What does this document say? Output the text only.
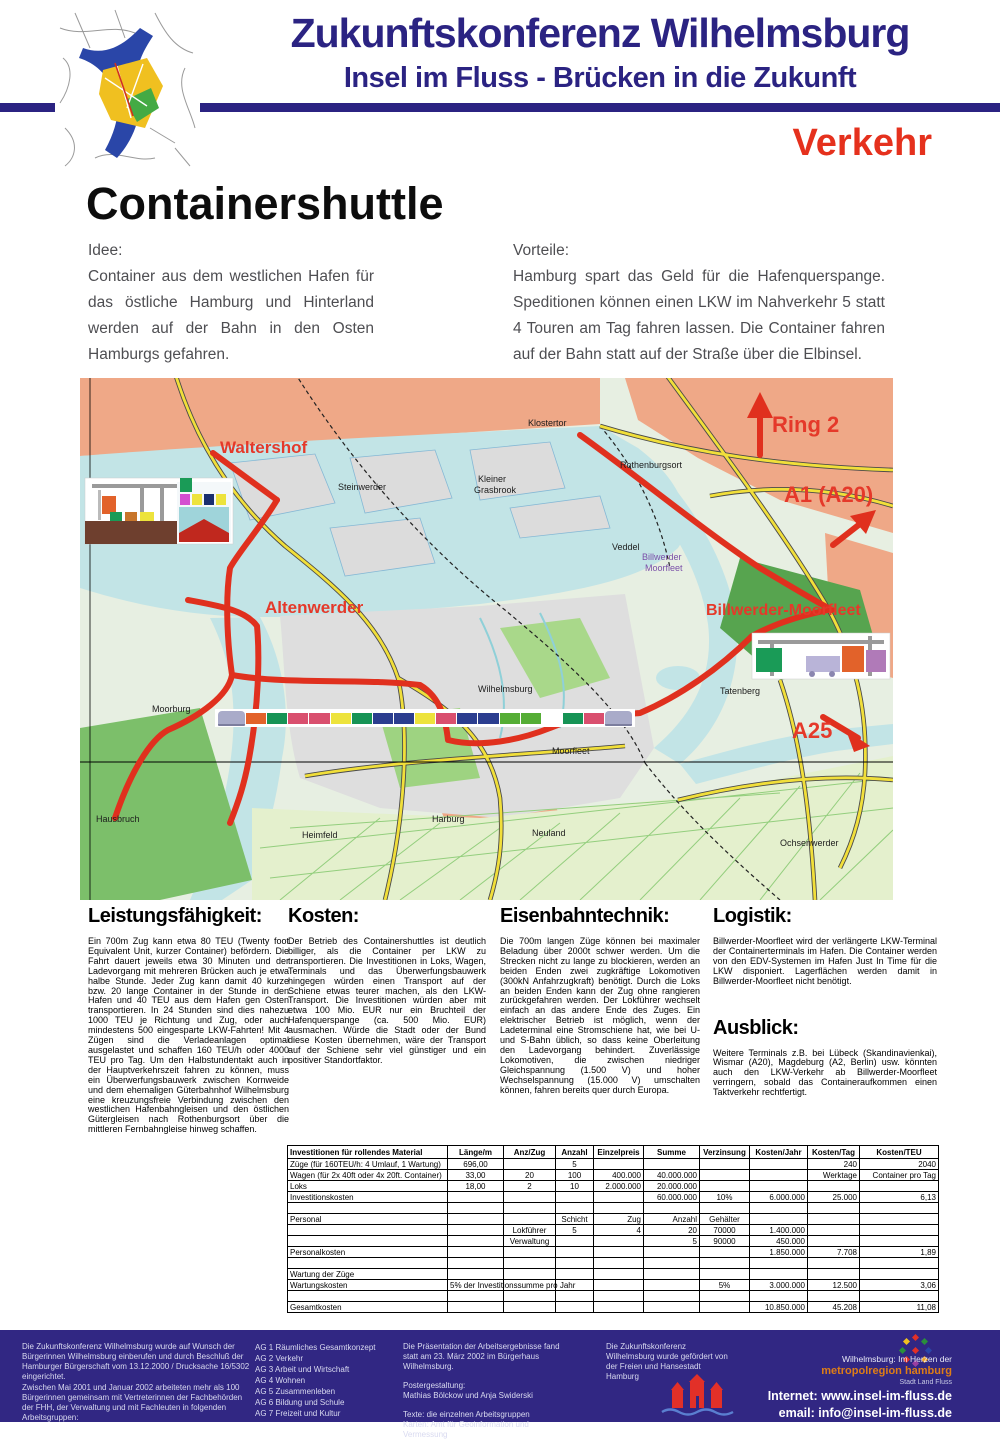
Zukunftskonferenz Wilhelmsburg
Insel im Fluss - Brücken in die Zukunft
Verkehr
Containershuttle
Idee:
Container aus dem westlichen Hafen für das östliche Hamburg und Hinterland werden auf der Bahn in den Osten Hamburgs gefahren.
Vorteile:
Hamburg spart das Geld für die Hafenquerspange. Speditionen können einen LKW im Nahverkehr 5 statt 4 Touren am Tag fahren lassen. Die Container fahren auf der Bahn statt auf der Straße über die Elbinsel.
Waltershof
Altenwerder
Ring 2
A1 (A20)
Billwerder-Moorfleet
A25
Klostertor
Steinwerder
Kleiner
Grasbrook
Rothenburgsort
Veddel
Billwerder
Moorfleet
Wilhelmsburg
Moorburg
Moorfleet
Tatenberg
Hausbruch
Heimfeld
Harburg
Neuland
Ochsenwerder
Leistungsfähigkeit:

Ein 700m Zug kann etwa 80 TEU (Twenty foot Equivalent Unit, kurzer Container) befördern. Die Fahrt dauert jeweils etwa 30 Minuten und der Ladevorgang mit mehreren Brücken auch je etwa halbe Stunde. Jeder Zug kann damit 40 kurze bzw. 20 lange Container in der Stunde in den Hafen und 40 TEU aus dem Hafen gen Osten transportieren. In 24 Stunden sind dies nahezu 1000 TEU je Richtung und Zug, oder auch mindestens 500 eingesparte LKW-Fahrten! Mit 4 Zügen sind die Verladeanlagen optimal ausgelastet und schaffen 160 TEU/h oder 4000 TEU pro Tag. Um den Halbstundentakt auch in der Hauptverkehrszeit fahren zu können, muss ein Überwerfungsbauwerk zwischen Kornweide und dem ehemaligen Güterbahnhof Wilhelmsburg eine kreuzungsfreie Verbindung zwischen den westlichen Hafenbahngleisen und den östlichen Gütergleisen nach Rothenburgsort über die mittleren Fernbahngleise hinweg schaffen.

Kosten:

Der Betrieb des Containershuttles ist deutlich billiger, als die Container per LKW zu transportieren. Die Investitionen in Loks, Wagen, Terminals und das Überwerfungsbauwerk hingegen würden einen Transport auf der Schiene etwas teurer machen, als den LKW-Transport. Die Investitionen würden aber mit etwa 100 Mio. EUR nur ein Bruchteil der Hafenquerspange (ca. 500 Mio. EUR) ausmachen. Würde die Stadt oder der Bund diese Kosten übernehmen, wäre der Transport auf der Schiene sehr viel günstiger und ein positiver Standortfaktor.

Eisenbahntechnik:

Die 700m langen Züge können bei maximaler Beladung über 2000t schwer werden. Um die Strecken nicht zu lange zu blockieren, werden an beiden Enden zwei zugkräftige Lokomotiven (300kN Anfahrzugkraft) benötigt. Durch die Loks an beiden Enden kann der Zug ohne rangieren zurückgefahren werden. Der Lokführer wechselt einfach an das andere Ende des Zuges. Ein elektrischer Betrieb ist möglich, wenn der Ladeterminal eine Stromschiene hat, wie bei U- und S-Bahn üblich, so dass keine Oberleitung den Ladevorgang behindert. Zuverlässige Lokomotiven, die zwischen niedriger Gleichspannung (1.500 V) und hoher Wechselspannung (15.000 V) umschalten können, fahren bereits quer durch Europa.

Logistik:

Billwerder-Moorfleet wird der verlängerte LKW-Terminal der Containerterminals im Hafen. Die Container werden von den EDV-Systemen im Hafen Just In Time für die LKW disponiert. Lagerflächen werden damit in Billwerder-Moorfleet nicht benötigt.

Ausblick:

Weitere Terminals z.B. bei Lübeck (Skandinavienkai), Wismar (A20), Magdeburg (A2, Berlin) usw. könnten auch den LKW-Verkehr ab Billwerder-Moorfleet verringern, sobald das Containeraufkommen einen Taktverkehr rechtfertigt.

Investitionen für rollendes Material	Länge/m	Anz/Zug	Anzahl	Einzelpreis	Summe	Verzinsung	Kosten/Jahr	Kosten/Tag	Kosten/TEU
Züge (für 160TEU/h: 4 Umlauf, 1 Wartung)	696,00		5					240	2040
Wagen (für 2x 40ft oder 4x 20ft. Container)	33,00	20	100	400.000	40.000.000			Werktage	Container pro Tag
Loks	18,00	2	10	2.000.000	20.000.000				
Investitionskosten					60.000.000	10%	6.000.000	25.000	6,13

Personal			Schicht	Zug	Anzahl	Gehälter			
		Lokführer	5	4	20	70000	1.400.000		
		Verwaltung			5	90000	450.000		
Personalkosten							1.850.000	7.708	1,89

Wartung der Züge									
Wartungskosten	5% der Investitionssumme pro Jahr					5%	3.000.000	12.500	3,06

Gesamtkosten							10.850.000	45.208	11,08

Die Zukunftskonferenz Wilhelmsburg wurde auf Wunsch der Bürgerinnen Wilhelmsburg einberufen und durch Beschluß der Hamburger Bürgerschaft vom 13.12.2000 / Drucksache 16/5302 eingerichtet.

Zwischen Mai 2001 und Januar 2002 arbeiteten mehr als 100 Bürgerinnen gemeinsam mit Vertreterinnen der Fachbehörden der FHH, der Verwaltung und mit Fachleuten in folgenden Arbeitsgruppen:

AG 1 Räumliches Gesamtkonzept
AG 2 Verkehr
AG 3 Arbeit und Wirtschaft
AG 4 Wohnen
AG 5 Zusammenleben
AG 6 Bildung und Schule
AG 7 Freizeit und Kultur
Die Präsentation der Arbeitsergebnisse fand statt am 23. März 2002 im Bürgerhaus Wilhelmsburg.
Postergestaltung:
Mathias Bölckow und Anja Swiderski
Texte: die einzelnen Arbeitsgruppen
Karten: Amt für Geoinformation und Vermessung
Die Zukunftskonferenz Wilhelmsburg wurde gefördert von der Freien und Hansestadt Hamburg
Wilhelmsburg: Im Herzen der
metropolregion hamburg
Stadt Land Fluss
Internet: www.insel-im-fluss.de
email: info@insel-im-fluss.de
